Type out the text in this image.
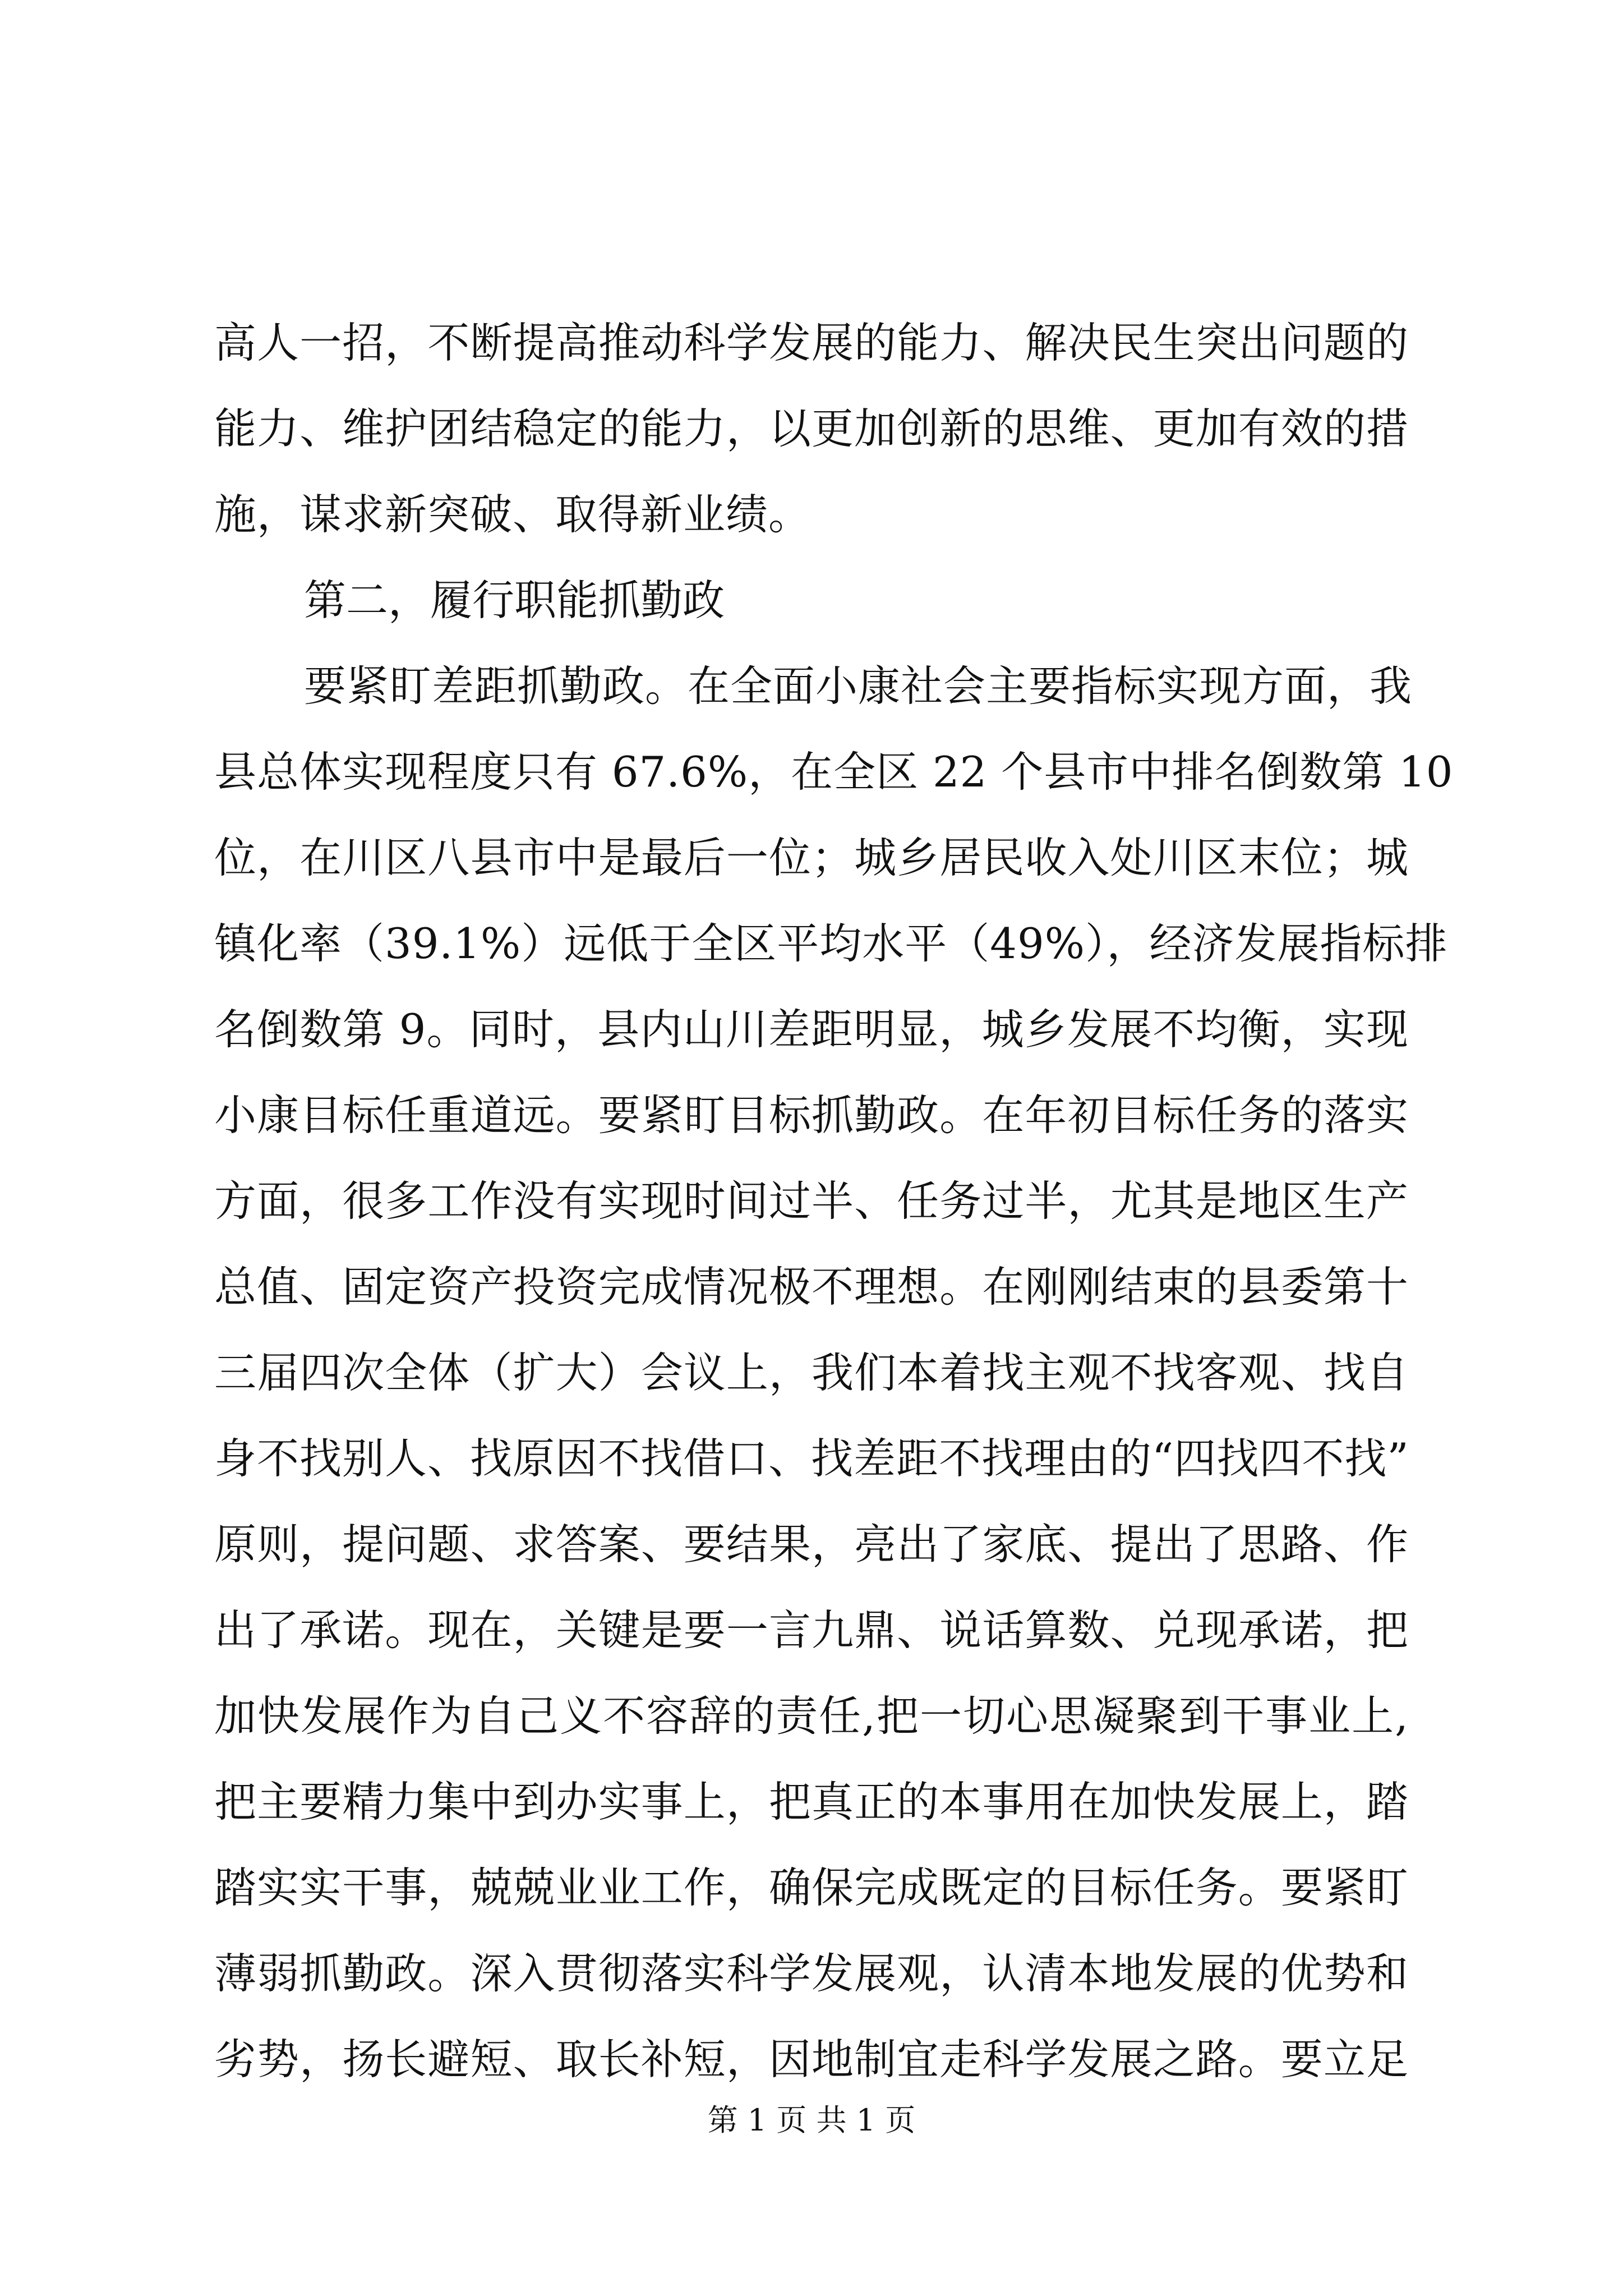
高人一招，不断提高推动科学发展的能力、解决民生突出问题的
能力、维护团结稳定的能力，以更加创新的思维、更加有效的措
施，谋求新突破、取得新业绩。
第二，履行职能抓勤政
要紧盯差距抓勤政。在全面小康社会主要指标实现方面，我
县总体实现程度只有 67.6%，在全区 22 个县市中排名倒数第 10
位，在川区八县市中是最后一位；城乡居民收入处川区末位；城
镇化率（39.1%）远低于全区平均水平（49%），经济发展指标排
名倒数第 9。同时，县内山川差距明显，城乡发展不均衡，实现
小康目标任重道远。要紧盯目标抓勤政。在年初目标任务的落实
方面，很多工作没有实现时间过半、任务过半，尤其是地区生产
总值、固定资产投资完成情况极不理想。在刚刚结束的县委第十
三届四次全体（扩大）会议上，我们本着找主观不找客观、找自
身不找别人、找原因不找借口、找差距不找理由的“四找四不找”
原则，提问题、求答案、要结果，亮出了家底、提出了思路、作
出了承诺。现在，关键是要一言九鼎、说话算数、兑现承诺，把
加快发展作为自己义不容辞的责任,把一切心思凝聚到干事业上,
把主要精力集中到办实事上，把真正的本事用在加快发展上，踏
踏实实干事，兢兢业业工作，确保完成既定的目标任务。要紧盯
薄弱抓勤政。深入贯彻落实科学发展观，认清本地发展的优势和
劣势，扬长避短、取长补短，因地制宜走科学发展之路。要立足
第 1 页 共 1 页
